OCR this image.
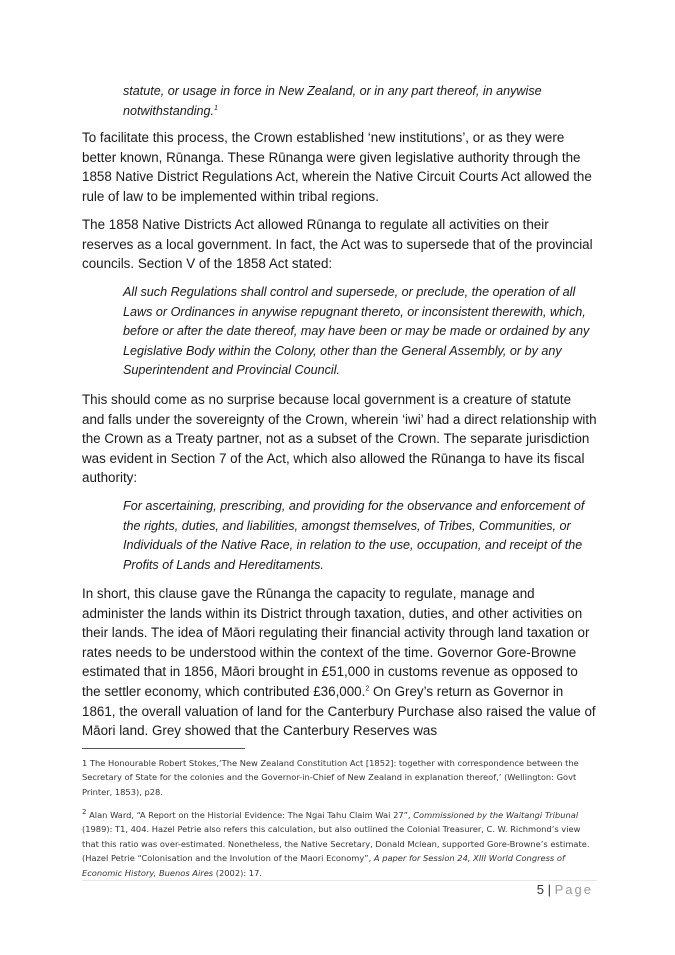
statute, or usage in force in New Zealand, or in any part thereof, in anywise notwithstanding.$^1$
To facilitate this process, the Crown established ‘new institutions’, or as they were better known, Rūnanga. These Rūnanga were given legislative authority through the 1858 Native District Regulations Act, wherein the Native Circuit Courts Act allowed the rule of law to be implemented within tribal regions.
The 1858 Native Districts Act allowed Rūnanga to regulate all activities on their reserves as a local government. In fact, the Act was to supersede that of the provincial councils. Section V of the 1858 Act stated:
All such Regulations shall control and supersede, or preclude, the operation of all Laws or Ordinances in anywise repugnant thereto, or inconsistent therewith, which, before or after the date thereof, may have been or may be made or ordained by any Legislative Body within the Colony, other than the General Assembly, or by any Superintendent and Provincial Council.
This should come as no surprise because local government is a creature of statute and falls under the sovereignty of the Crown, wherein ‘iwi’ had a direct relationship with the Crown as a Treaty partner, not as a subset of the Crown. The separate jurisdiction was evident in Section 7 of the Act, which also allowed the Rūnanga to have its fiscal authority:
For ascertaining, prescribing, and providing for the observance and enforcement of the rights, duties, and liabilities, amongst themselves, of Tribes, Communities, or Individuals of the Native Race, in relation to the use, occupation, and receipt of the Profits of Lands and Hereditaments.
In short, this clause gave the Rūnanga the capacity to regulate, manage and administer the lands within its District through taxation, duties, and other activities on their lands. The idea of Māori regulating their financial activity through land taxation or rates needs to be understood within the context of the time. Governor Gore-Browne estimated that in 1856, Māori brought in £51,000 in customs revenue as opposed to the settler economy, which contributed £36,000.$^2$ On Grey’s return as Governor in 1861, the overall valuation of land for the Canterbury Purchase also raised the value of Māori land. Grey showed that the Canterbury Reserves was
1 The Honourable Robert Stokes,‘The New Zealand Constitution Act [1852]: together with correspondence between the Secretary of State for the colonies and the Governor-in-Chief of New Zealand in explanation thereof,’ (Wellington: Govt Printer, 1853), p28.
$^2$ Alan Ward, “A Report on the Historial Evidence: The Ngai Tahu Claim Wai 27”, Commissioned by the Waitangi Tribunal (1989): T1, 404. Hazel Petrie also refers this calculation, but also outlined the Colonial Treasurer, C. W. Richmond’s view that this ratio was over-estimated. Nonetheless, the Native Secretary, Donald Mclean, supported Gore-Browne’s estimate. (Hazel Petrie “Colonisation and the Involution of the Maori Economy”, A paper for Session 24, XIII World Congress of Economic History, Buenos Aires (2002): 17.
5 | Page
